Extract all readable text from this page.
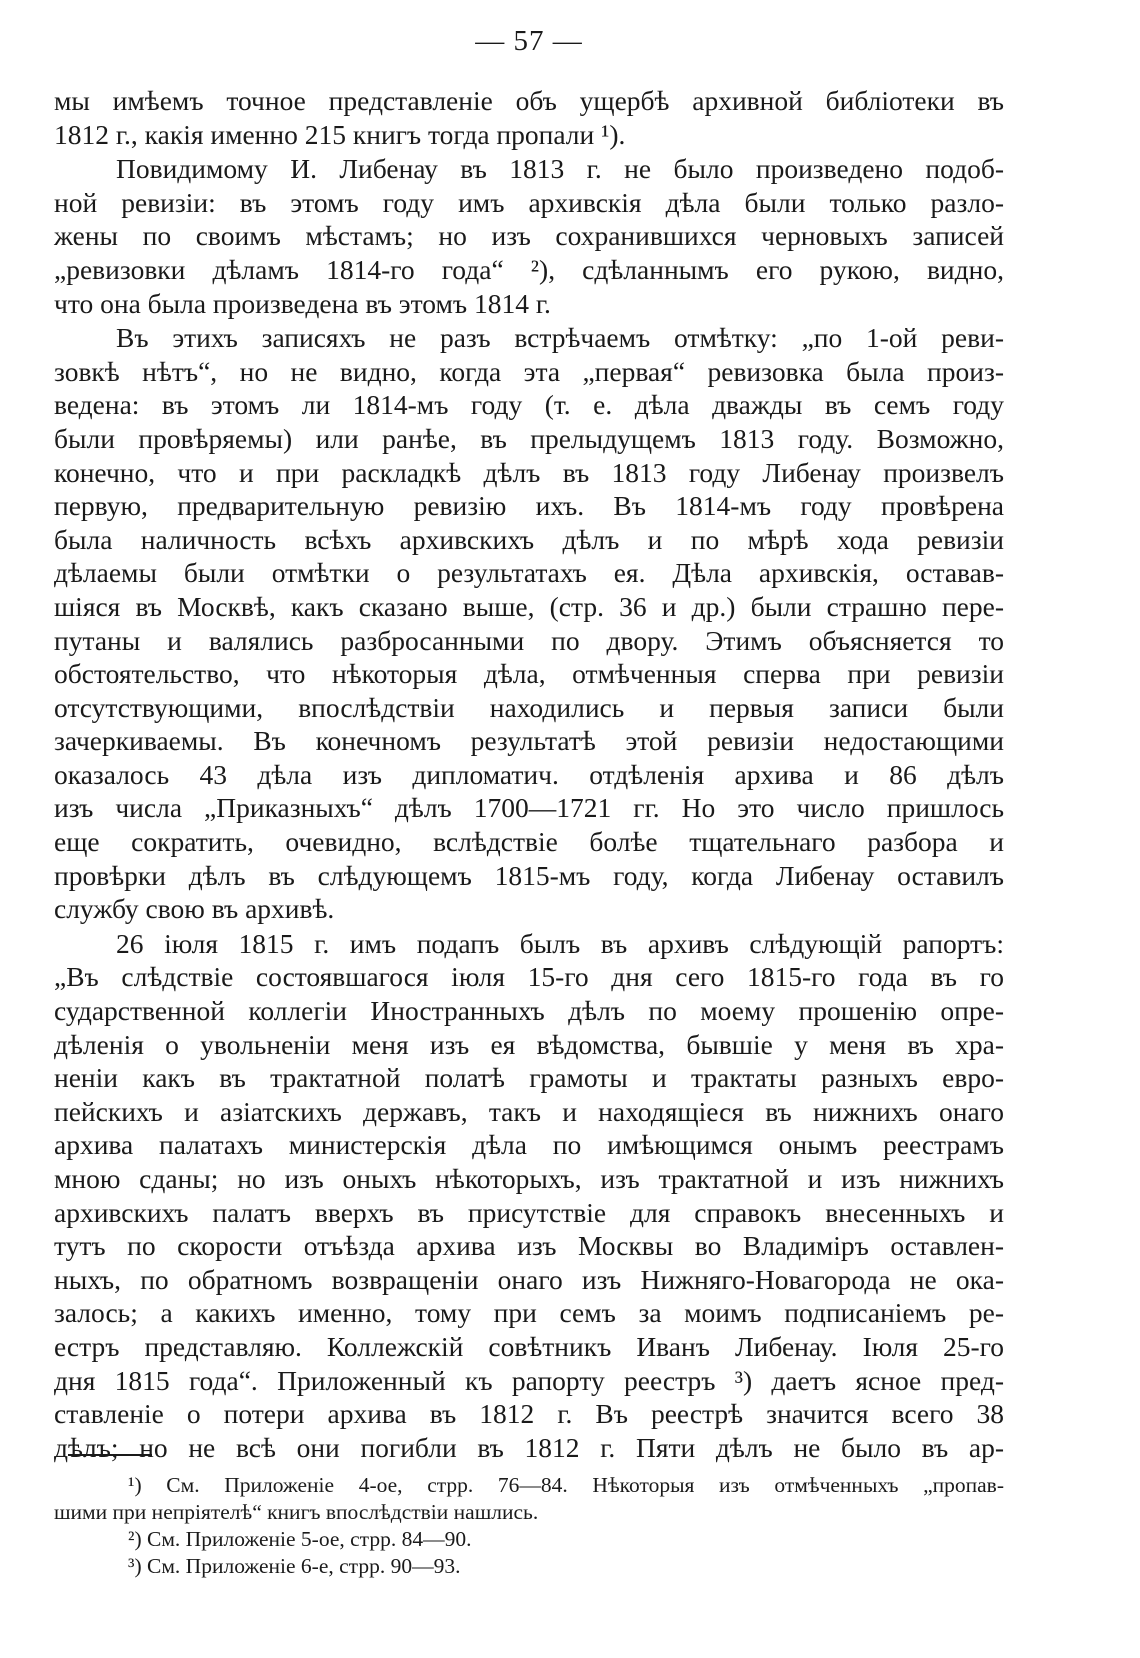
— 57 —
мы имѣемъ точное представленіе объ ущербѣ архивной библіотеки въ
1812 г., какія именно 215 книгъ тогда пропали ¹).
Повидимому И. Либенау въ 1813 г. не было произведено подоб-
ной ревизіи: въ этомъ году имъ архивскія дѣла были только разло-
жены по своимъ мѣстамъ; но изъ сохранившихся черновыхъ записей
„ревизовки дѣламъ 1814-го года“ ²), сдѣланнымъ его рукою, видно,
что она была произведена въ этомъ 1814 г.
Въ этихъ записяхъ не разъ встрѣчаемъ отмѣтку: „по 1-ой реви-
зовкѣ нѣтъ“, но не видно, когда эта „первая“ ревизовка была произ-
ведена: въ этомъ ли 1814-мъ году (т. е. дѣла дважды въ семъ году
были провѣряемы) или ранѣе, въ прелыдущемъ 1813 году. Возможно,
конечно, что и при раскладкѣ дѣлъ въ 1813 году Либенау произвелъ
первую, предварительную ревизію ихъ. Въ 1814-мъ году провѣрена
была наличность всѣхъ архивскихъ дѣлъ и по мѣрѣ хода ревизіи
дѣлаемы были отмѣтки о результатахъ ея. Дѣла архивскія, оставав-
шіяся въ Москвѣ, какъ сказано выше, (стр. 36 и др.) были страшно пере-
путаны и валялись разбросанными по двору. Этимъ объясняется то
обстоятельство, что нѣкоторыя дѣла, отмѣченныя сперва при ревизіи
отсутствующими, впослѣдствіи находились и первыя записи были
зачеркиваемы. Въ конечномъ результатѣ этой ревизіи недостающими
оказалось 43 дѣла изъ дипломатич. отдѣленія архива и 86 дѣлъ
изъ числа „Приказныхъ“ дѣлъ 1700—1721 гг. Но это число пришлось
еще сократить, очевидно, вслѣдствіе болѣе тщательнаго разбора и
провѣрки дѣлъ въ слѣдующемъ 1815-мъ году, когда Либенау оставилъ
службу свою въ архивѣ.
26 іюля 1815 г. имъ подапъ былъ въ архивъ слѣдующій рапортъ:
„Въ слѣдствіе состоявшагося іюля 15-го дня сего 1815-го года въ го
сударственной коллегіи Иностранныхъ дѣлъ по моему прошенію опре-
дѣленія о увольненіи меня изъ ея вѣдомства, бывшіе у меня въ хра-
неніи какъ въ трактатной полатѣ грамоты и трактаты разныхъ евро-
пейскихъ и азіатскихъ державъ, такъ и находящіеся въ нижнихъ онаго
архива палатахъ министерскія дѣла по имѣющимся онымъ реестрамъ
мною сданы; но изъ оныхъ нѣкоторыхъ, изъ трактатной и изъ нижнихъ
архивскихъ палатъ вверхъ въ присутствіе для справокъ внесенныхъ и
тутъ по скорости отъѣзда архива изъ Москвы во Владиміръ оставлен-
ныхъ, по обратномъ возвращеніи онаго изъ Нижняго-Новагорода не ока-
залось; а какихъ именно, тому при семъ за моимъ подписаніемъ ре-
естръ представляю. Коллежскій совѣтникъ Иванъ Либенау. Іюля 25-го
дня 1815 года“. Приложенный къ рапорту реестръ ³) даетъ ясное пред-
ставленіе о потери архива въ 1812 г. Въ реестрѣ значится всего 38
дѣлъ; но не всѣ они погибли въ 1812 г. Пяти дѣлъ не было въ ар-
¹) См. Приложеніе 4-ое, стрр. 76—84. Нѣкоторыя изъ отмѣченныхъ „пропав-
шими при непріятелѣ“ книгъ впослѣдствіи нашлись.
²) См. Приложеніе 5-ое, стрр. 84—90.
³) См. Приложеніе 6-е, стрр. 90—93.
